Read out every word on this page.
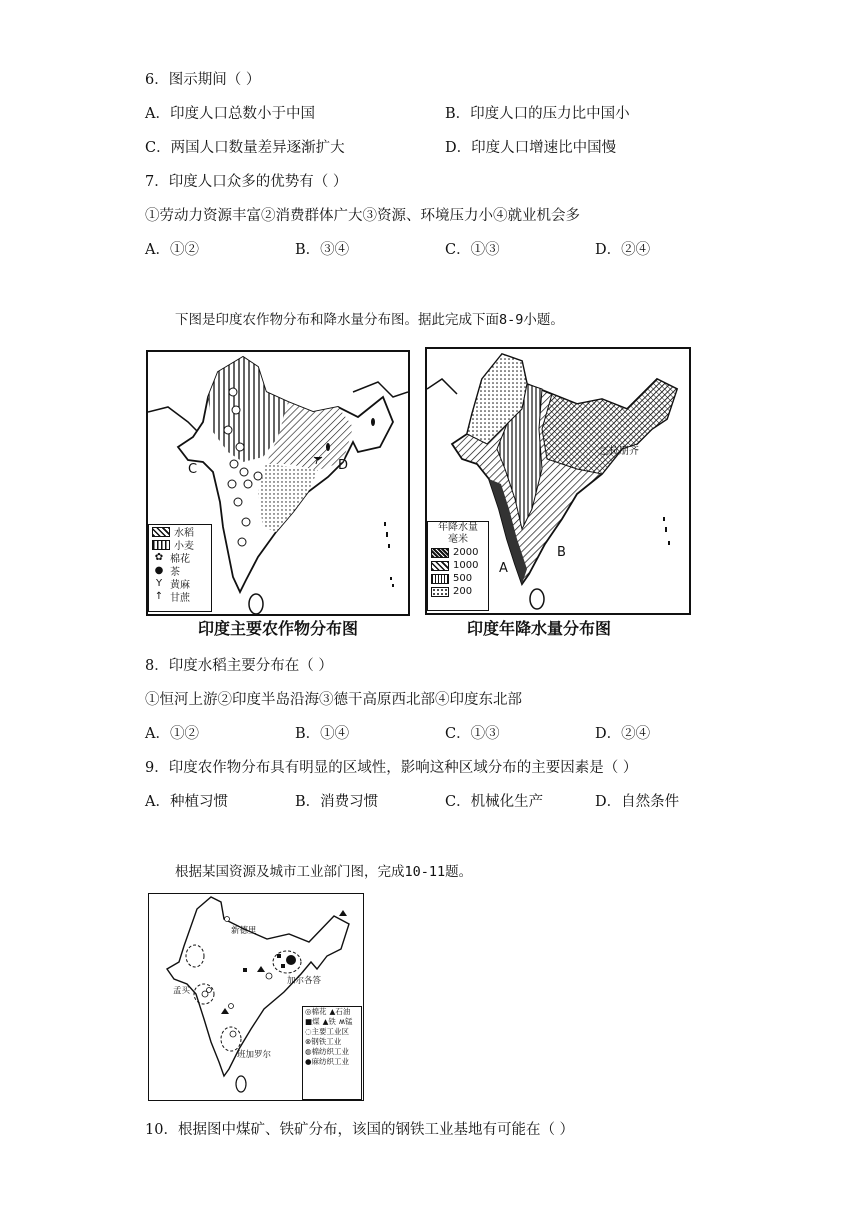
6．图示期间（ ）
A．印度人口总数小于中国	B．印度人口的压力比中国小
C．两国人口数量差异逐渐扩大	D．印度人口增速比中国慢
7．印度人口众多的优势有（ ）
①劳动力资源丰富②消费群体广大③资源、环境压力小④就业机会多
A．①②	B．③④	C．①③	D．②④
下图是印度农作物分布和降水量分布图。据此完成下面8-9小题。
C	D
水稻
小麦
✿ 棉花
● 茶
Y 黄麻
↑ 甘蔗
印度主要农作物分布图
乞拉朋齐
B
A
年降水量
毫米
2000
1000
500
200
印度年降水量分布图
8．印度水稻主要分布在（ ）
①恒河上游②印度半岛沿海③德干高原西北部④印度东北部
A．①②	B．①④	C．①③	D．②④
9．印度农作物分布具有明显的区域性，影响这种区域分布的主要因素是（ ）
A．种植习惯	B．消费习惯	C．机械化生产	D．自然条件
根据某国资源及城市工业部门图，完成10-11题。
新德里
加尔各答
孟买
班加罗尔
◎ 棉花 ▲ 石油
■ 煤 ▲ 铁 ʍ 锰
◌主要工业区
⊗钢铁工业
◍棉纺织工业
●麻纺织工业
10．根据图中煤矿、铁矿分布，该国的钢铁工业基地有可能在（ ）
